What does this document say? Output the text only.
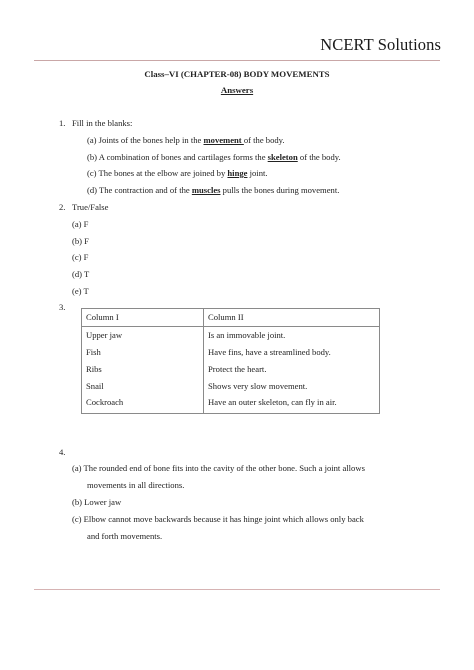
NCERT Solutions
Class–VI (CHAPTER-08) BODY MOVEMENTS
Answers
1. Fill in the blanks:
(a) Joints of the bones help in the movement of the body.
(b) A combination of bones and cartilages forms the skeleton of the body.
(c) The bones at the elbow are joined by hinge joint.
(d) The contraction and of the muscles pulls the bones during movement.
2. True/False
(a) F
(b) F
(c) F
(d) T
(e) T
3.
Column I	Column II
Upper jaw	Is an immovable joint.
Fish	Have fins, have a streamlined body.
Ribs	Protect the heart.
Snail	Shows very slow movement.
Cockroach	Have an outer skeleton, can fly in air.
4.
(a) The rounded end of bone fits into the cavity of the other bone. Such a joint allows
movements in all directions.
(b) Lower jaw
(c) Elbow cannot move backwards because it has hinge joint which allows only back
and forth movements.
